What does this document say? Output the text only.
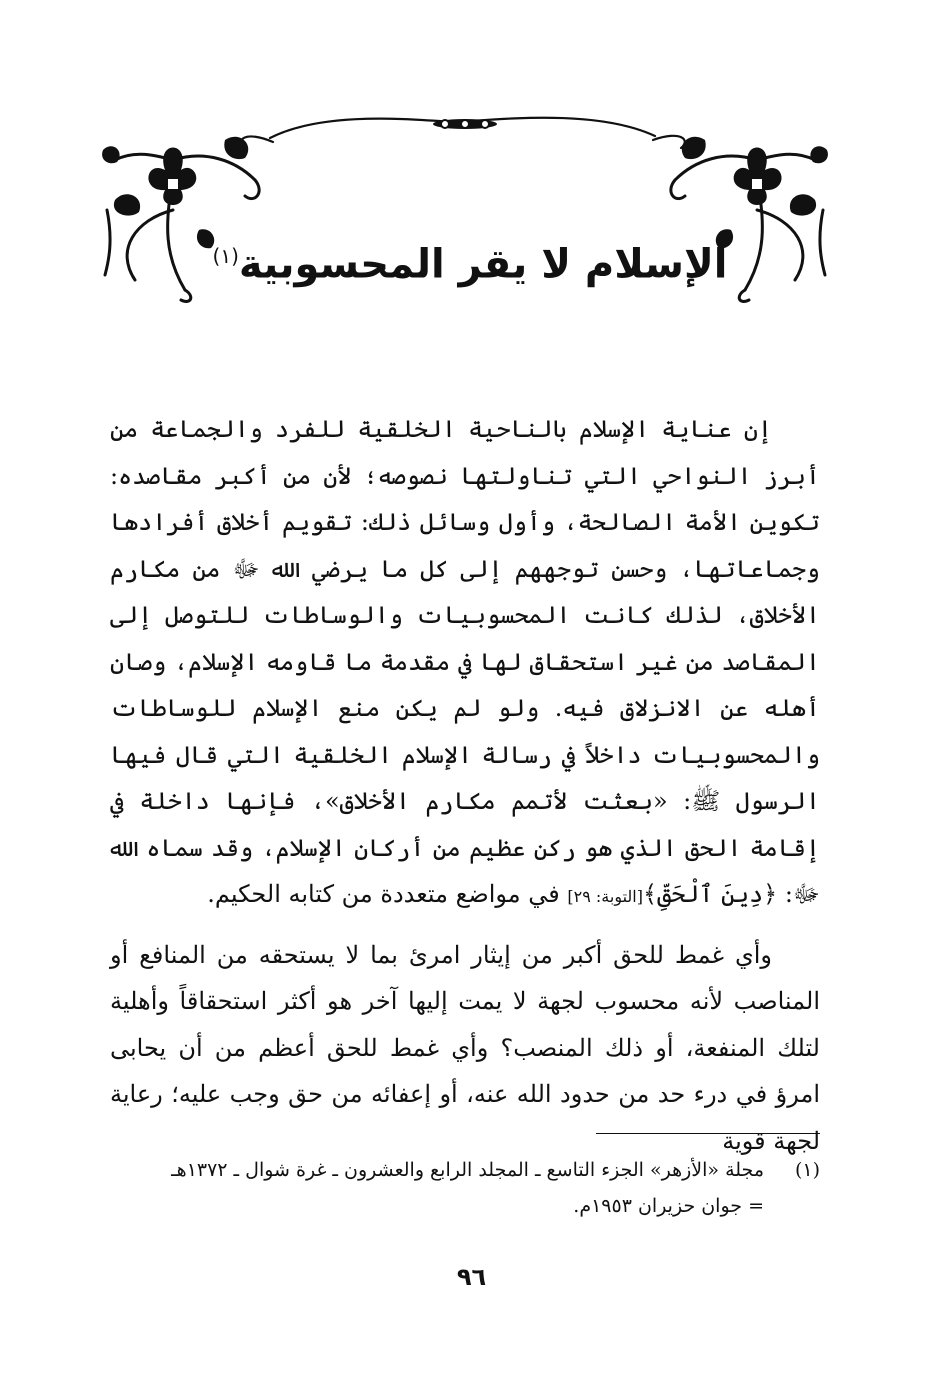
الإسلام لا يقر المحسوبية$^{(١)}$

إن عناية الإسلام بالناحية الخلقية للفرد والجماعة من أبرز النواحي التي تناولتها نصوصه؛ لأن من أكبر مقاصده: تكوين الأمة الصالحة، وأول وسائل ذلك: تقويم أخلاق أفرادها وجماعاتها، وحسن توجههم إلى كل ما يرضي الله ﷻ من مكارم الأخلاق، لذلك كانت المحسوبيات والوساطات للتوصل إلى المقاصد من غير استحقاق لها في مقدمة ما قاومه الإسلام، وصان أهله عن الانزلاق فيه. ولو لم يكن منع الإسلام للوساطات والمحسوبيات داخلاً في رسالة الإسلام الخلقية التي قال فيها الرسول ﷺ: «بعثت لأتمم مكارم الأخلاق»، فإنها داخلة في إقامة الحق الذي هو ركن عظيم من أركان الإسلام، وقد سماه الله ﷻ: ﴿دِينَ ٱلْحَقِّ﴾[التوبة: ٢٩] في مواضع متعددة من كتابه الحكيم.

وأي غمط للحق أكبر من إيثار امرئ بما لا يستحقه من المنافع أو المناصب لأنه محسوب لجهة لا يمت إليها آخر هو أكثر استحقاقاً وأهلية لتلك المنفعة، أو ذلك المنصب؟ وأي غمط للحق أعظم من أن يحابى امرؤ في درء حد من حدود الله عنه، أو إعفائه من حق وجب عليه؛ رعاية لجهة قوية

(١)مجلة «الأزهر» الجزء التاسع ـ المجلد الرابع والعشرون ـ غرة شوال ـ ١٣٧٢هـ
= جوان حزيران ١٩٥٣م.
٩٦
